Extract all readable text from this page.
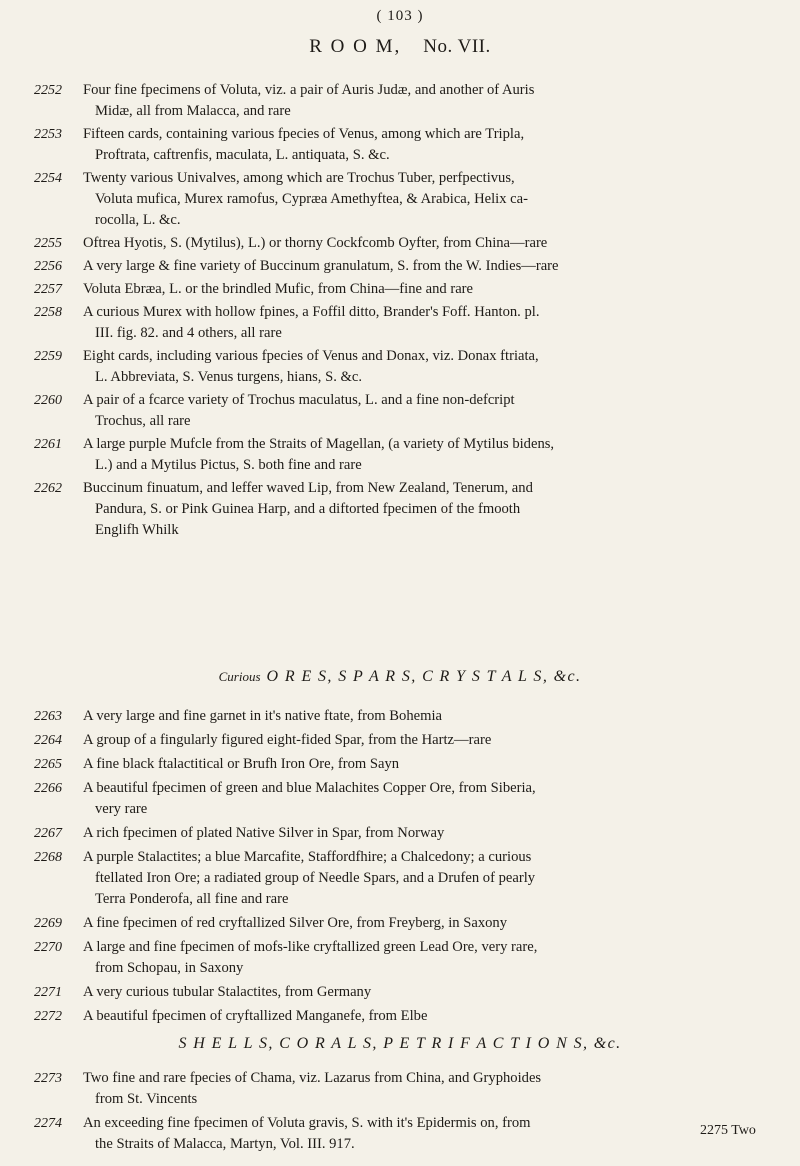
( 103 )
R O O M, No. VII.
2252	Four fine fpecimens of Voluta, viz. a pair of Auris Judæ, and another of Auris
Midæ, all from Malacca, and rare
2253	Fifteen cards, containing various fpecies of Venus, among which are Tripla,
Proftrata, caftrenfis, maculata, L. antiquata, S. &c.
2254	Twenty various Univalves, among which are Trochus Tuber, perfpectivus,
Voluta mufica, Murex ramofus, Cypræa Amethyftea, & Arabica, Helix ca-
rocolla, L. &c.
2255	Oftrea Hyotis, S. (Mytilus), L.) or thorny Cockfcomb Oyfter, from China—rare
2256	A very large & fine variety of Buccinum granulatum, S. from the W. Indies—rare
2257	Voluta Ebræa, L. or the brindled Mufic, from China—fine and rare
2258	A curious Murex with hollow fpines, a Foffil ditto, Brander's Foff. Hanton. pl.
III. fig. 82. and 4 others, all rare
2259	Eight cards, including various fpecies of Venus and Donax, viz. Donax ftriata,
L. Abbreviata, S. Venus turgens, hians, S. &c.
2260	A pair of a fcarce variety of Trochus maculatus, L. and a fine non-defcript
Trochus, all rare
2261	A large purple Mufcle from the Straits of Magellan, (a variety of Mytilus bidens,
L.) and a Mytilus Pictus, S. both fine and rare
2262	Buccinum finuatum, and leffer waved Lip, from New Zealand, Tenerum, and
Pandura, S. or Pink Guinea Harp, and a diftorted fpecimen of the fmooth
Englifh Whilk
Curious O R E S, S P A R S, C R Y S T A L S, &c.
2263	A very large and fine garnet in it's native ftate, from Bohemia
2264	A group of a fingularly figured eight-fided Spar, from the Hartz—rare
2265	A fine black ftalactitical or Brufh Iron Ore, from Sayn
2266	A beautiful fpecimen of green and blue Malachites Copper Ore, from Siberia,
very rare
2267	A rich fpecimen of plated Native Silver in Spar, from Norway
2268	A purple Stalactites; a blue Marcafite, Staffordfhire; a Chalcedony; a curious
ftellated Iron Ore; a radiated group of Needle Spars, and a Drufen of pearly
Terra Ponderofa, all fine and rare
2269	A fine fpecimen of red cryftallized Silver Ore, from Freyberg, in Saxony
2270	A large and fine fpecimen of mofs-like cryftallized green Lead Ore, very rare,
from Schopau, in Saxony
2271	A very curious tubular Stalactites, from Germany
2272	A beautiful fpecimen of cryftallized Manganefe, from Elbe
S H E L L S, C O R A L S, P E T R I F A C T I O N S, &c.
2273	Two fine and rare fpecies of Chama, viz. Lazarus from China, and Gryphoides
from St. Vincents
2274	An exceeding fine fpecimen of Voluta gravis, S. with it's Epidermis on, from
the Straits of Malacca, Martyn, Vol. III. 917.
2275 Two
